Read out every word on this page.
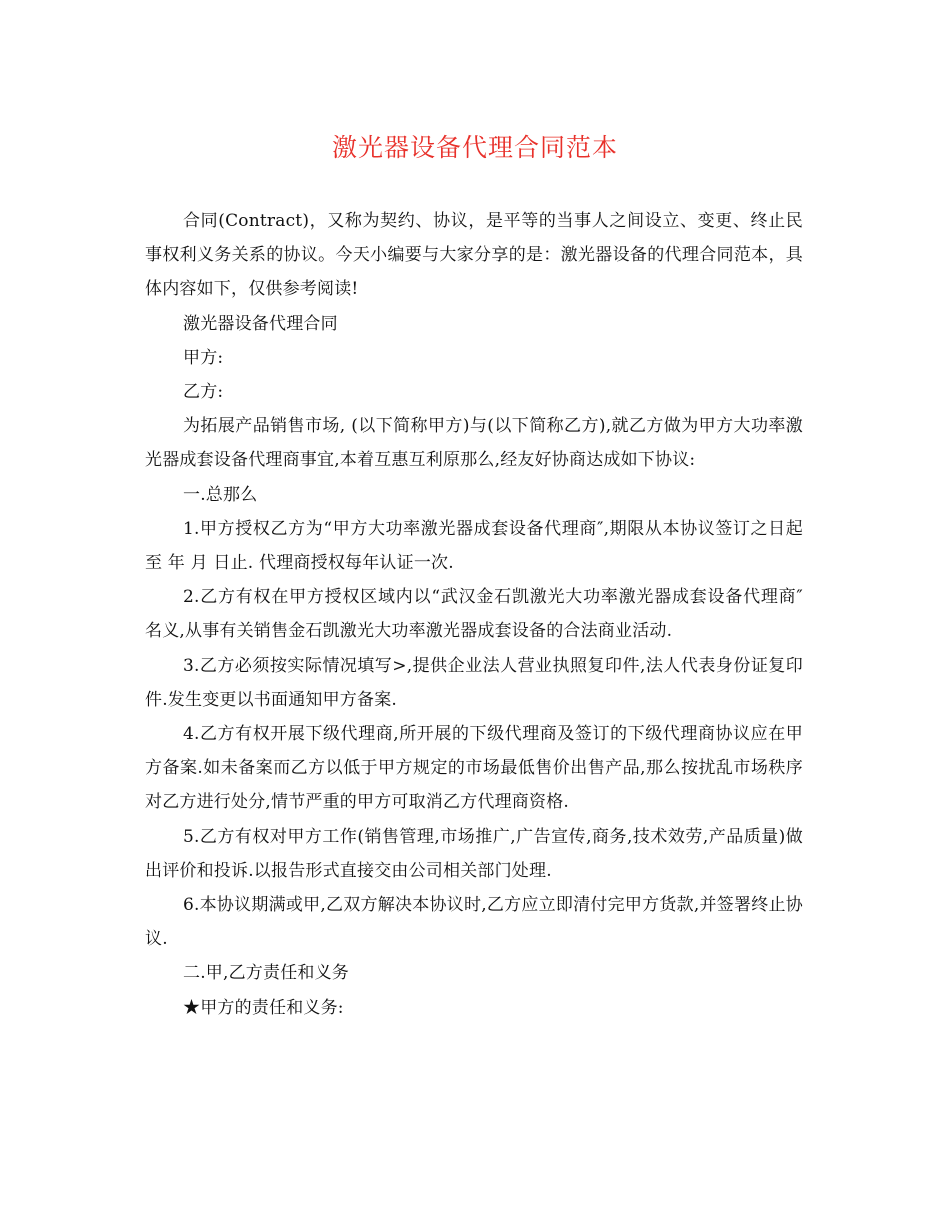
激光器设备代理合同范本

合同(Contract)，又称为契约、协议，是平等的当事人之间设立、变更、终止民事权利义务关系的协议。今天小编要与大家分享的是：激光器设备的代理合同范本，具体内容如下，仅供参考阅读!

激光器设备代理合同

甲方:

乙方:

为拓展产品销售市场, (以下简称甲方)与(以下简称乙方),就乙方做为甲方大功率激光器成套设备代理商事宜,本着互惠互利原那么,经友好协商达成如下协议:

一.总那么

1.甲方授权乙方为“甲方大功率激光器成套设备代理商″,期限从本协议签订之日起至 年 月 日止. 代理商授权每年认证一次.

2.乙方有权在甲方授权区域内以“武汉金石凯激光大功率激光器成套设备代理商″ 名义,从事有关销售金石凯激光大功率激光器成套设备的合法商业活动.

3.乙方必须按实际情况填写>,提供企业法人营业执照复印件,法人代表身份证复印件.发生变更以书面通知甲方备案.

4.乙方有权开展下级代理商,所开展的下级代理商及签订的下级代理商协议应在甲方备案.如未备案而乙方以低于甲方规定的市场最低售价出售产品,那么按扰乱市场秩序对乙方进行处分,情节严重的甲方可取消乙方代理商资格.

5.乙方有权对甲方工作(销售管理,市场推广,广告宣传,商务,技术效劳,产品质量)做出评价和投诉.以报告形式直接交由公司相关部门处理.

6.本协议期满或甲,乙双方解决本协议时,乙方应立即清付完甲方货款,并签署终止协议.

二.甲,乙方责任和义务

★甲方的责任和义务:
